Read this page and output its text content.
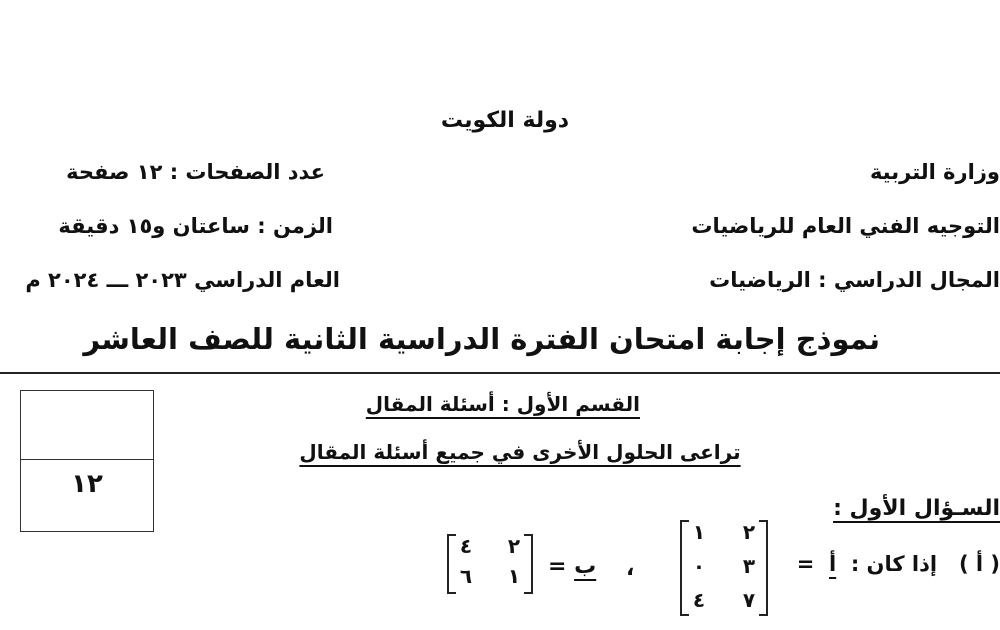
دولة الكويت
وزارة التربية
التوجيه الفني العام للرياضيات
المجال الدراسي : الرياضيات
عدد الصفحات : ١٢ صفحة
الزمن : ساعتان و١٥ دقيقة
العام الدراسي ٢٠٢٣ ـــ ٢٠٢٤ م
نموذج إجابة امتحان الفترة الدراسية الثانية للصف العاشر
١٢
القسم الأول : أسئلة المقال
تراعى الحلول الأخرى في جميع أسئلة المقال
السـؤال الأول :
( أ )   إذا كان :  أ  =
٢
١
٣
٠
٧
٤
،
ب =
٢
٤
١
٦
